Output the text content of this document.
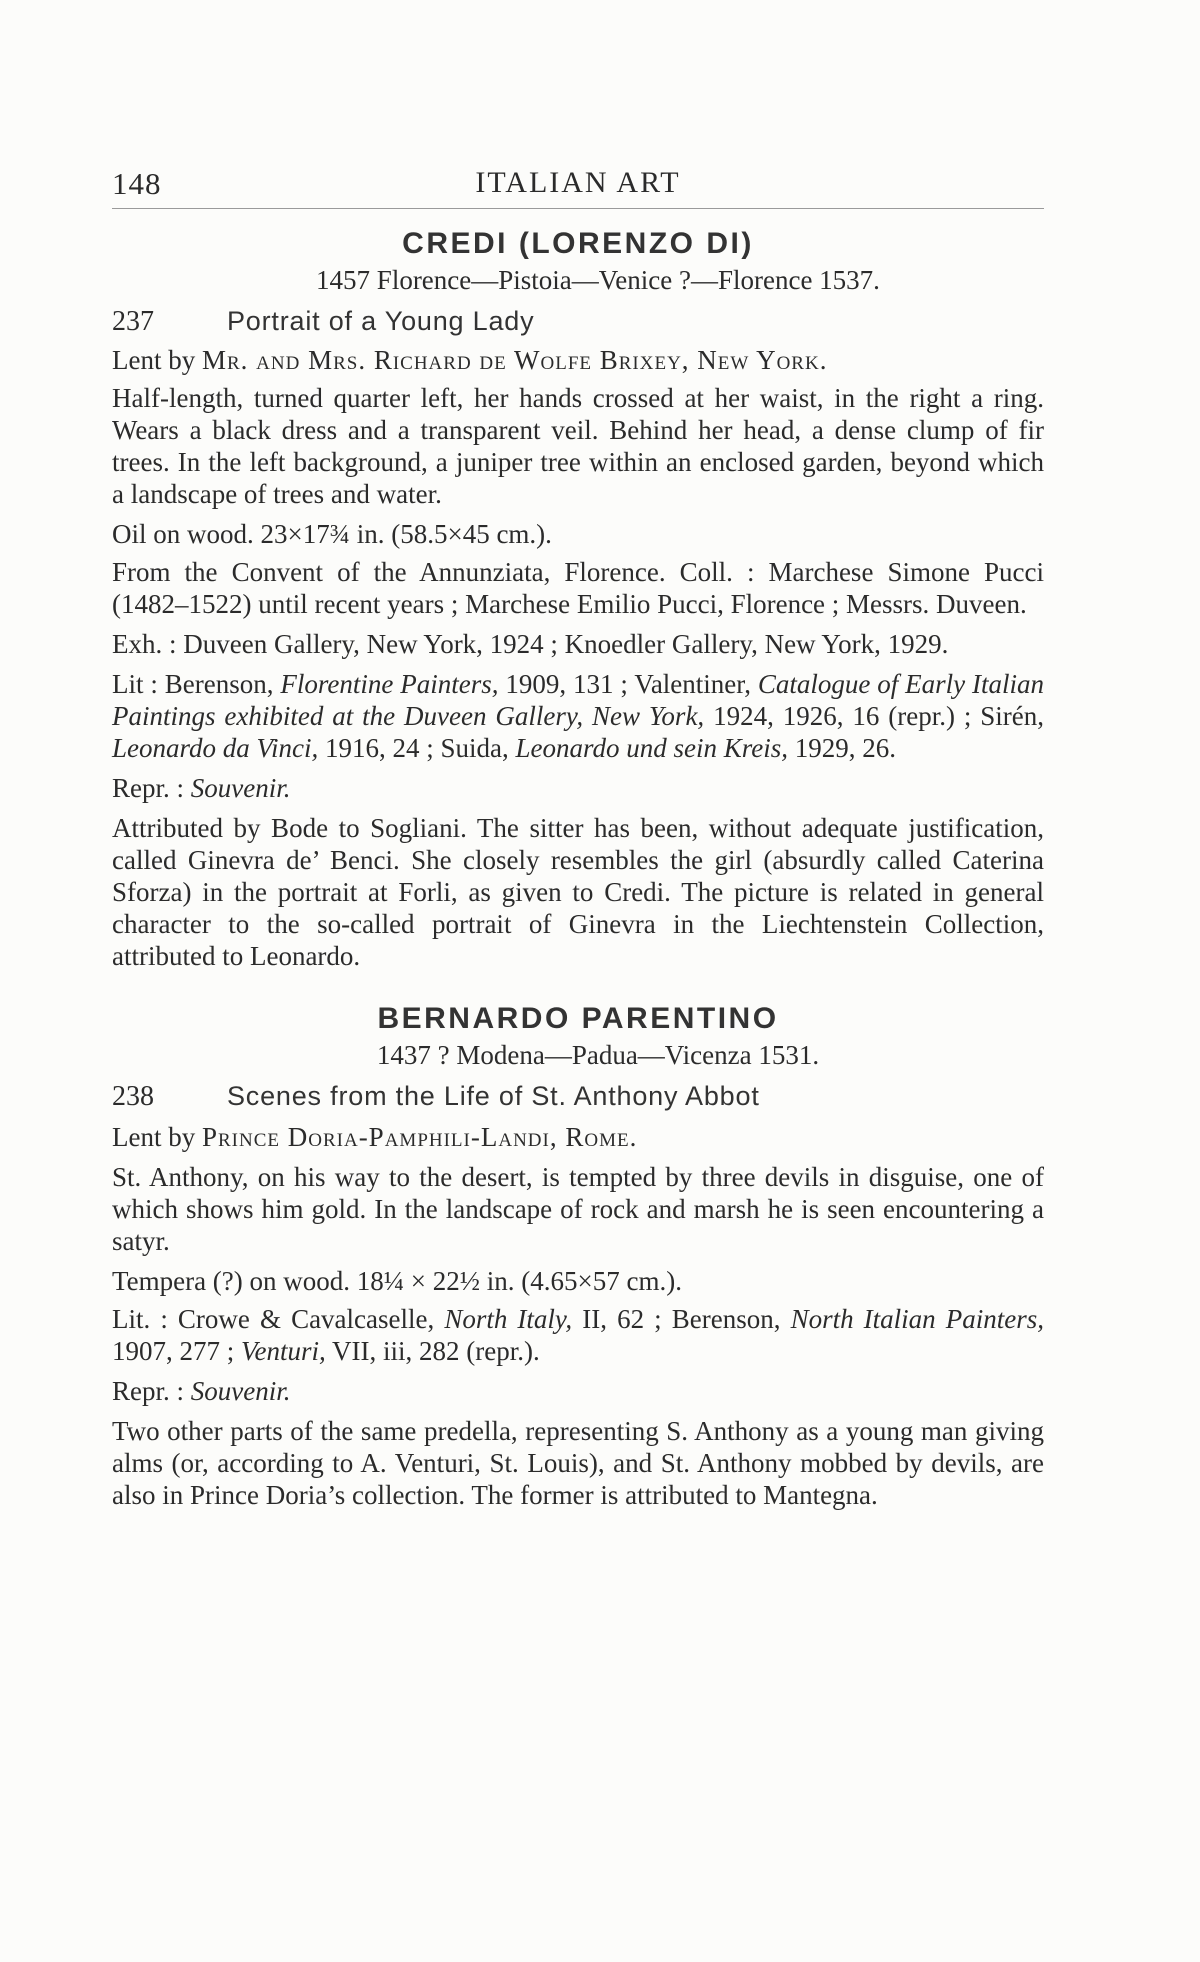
148	ITALIAN ART
CREDI (LORENZO DI)
1457 Florence—Pistoia—Venice ?—Florence 1537.
237	Portrait of a Young Lady

Lent by Mr. and Mrs. Richard de Wolfe Brixey, New York.

Half-length, turned quarter left, her hands crossed at her waist, in the right a ring. Wears a black dress and a transparent veil. Behind her head, a dense clump of fir trees. In the left background, a juniper tree within an enclosed garden, beyond which a landscape of trees and water.

Oil on wood. 23×17¾ in. (58.5×45 cm.).

From the Convent of the Annunziata, Florence. Coll. : Marchese Simone Pucci (1482–1522) until recent years ; Marchese Emilio Pucci, Florence ; Messrs. Duveen.

Exh. : Duveen Gallery, New York, 1924 ; Knoedler Gallery, New York, 1929.

Lit : Berenson, Florentine Painters, 1909, 131 ; Valentiner, Catalogue of Early Italian Paintings exhibited at the Duveen Gallery, New York, 1924, 1926, 16 (repr.) ; Sirén, Leonardo da Vinci, 1916, 24 ; Suida, Leonardo und sein Kreis, 1929, 26.

Repr. : Souvenir.

Attributed by Bode to Sogliani. The sitter has been, without adequate justification, called Ginevra de’ Benci. She closely resembles the girl (absurdly called Caterina Sforza) in the portrait at Forli, as given to Credi. The picture is related in general character to the so-called portrait of Ginevra in the Liechtenstein Collection, attributed to Leonardo.

BERNARDO PARENTINO
1437 ? Modena—Padua—Vicenza 1531.
238	Scenes from the Life of St. Anthony Abbot

Lent by Prince Doria-Pamphili-Landi, Rome.

St. Anthony, on his way to the desert, is tempted by three devils in disguise, one of which shows him gold. In the landscape of rock and marsh he is seen encountering a satyr.

Tempera (?) on wood. 18¼ × 22½ in. (4.65×57 cm.).

Lit. : Crowe & Cavalcaselle, North Italy, II, 62 ; Berenson, North Italian Painters, 1907, 277 ; Venturi, VII, iii, 282 (repr.).

Repr. : Souvenir.

Two other parts of the same predella, representing S. Anthony as a young man giving alms (or, according to A. Venturi, St. Louis), and St. Anthony mobbed by devils, are also in Prince Doria’s collection. The former is attributed to Mantegna.
